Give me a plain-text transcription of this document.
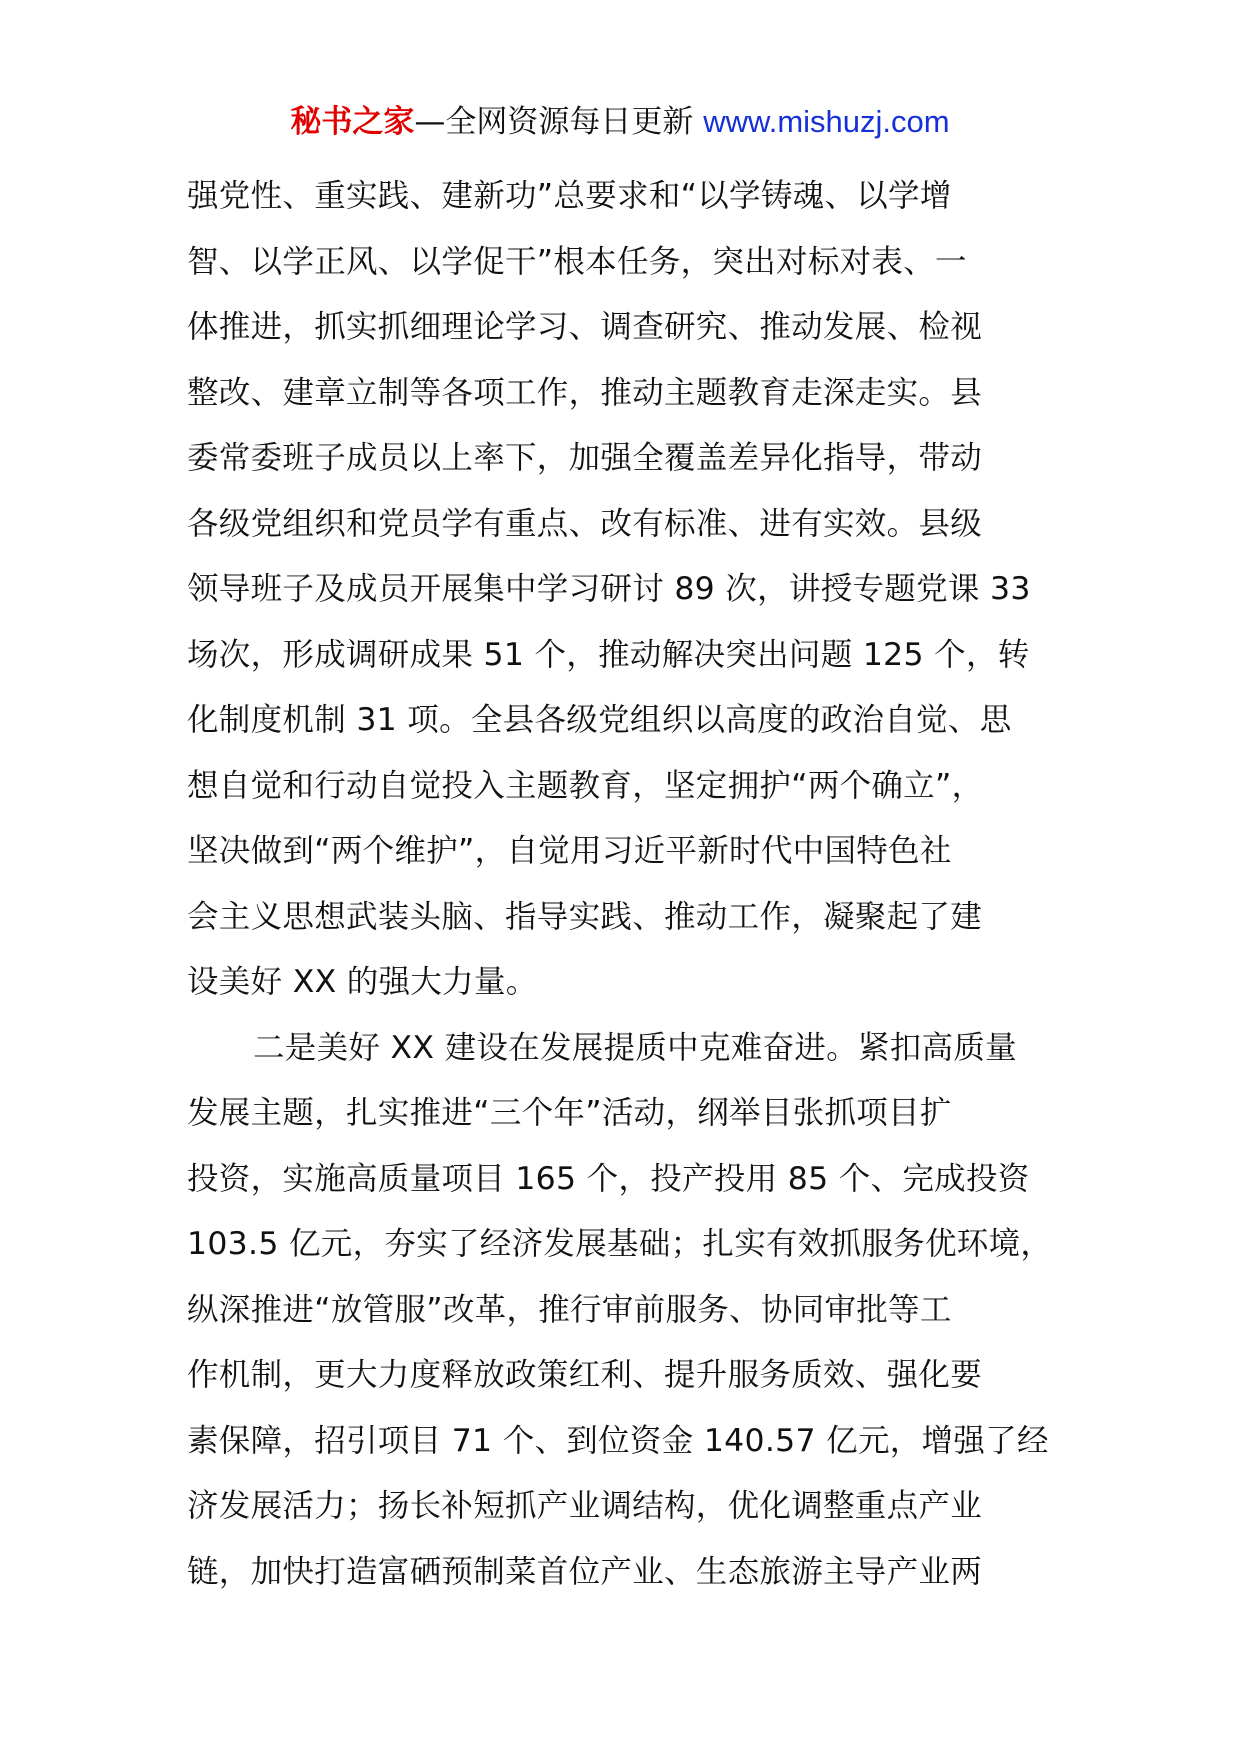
秘书之家—全网资源每日更新 www.mishuzj.com
强党性、重实践、建新功”总要求和“以学铸魂、以学增
智、以学正风、以学促干”根本任务，突出对标对表、一
体推进，抓实抓细理论学习、调查研究、推动发展、检视
整改、建章立制等各项工作，推动主题教育走深走实。县
委常委班子成员以上率下，加强全覆盖差异化指导，带动
各级党组织和党员学有重点、改有标准、进有实效。县级
领导班子及成员开展集中学习研讨 89 次，讲授专题党课 33
场次，形成调研成果 51 个，推动解决突出问题 125 个，转
化制度机制 31 项。全县各级党组织以高度的政治自觉、思
想自觉和行动自觉投入主题教育，坚定拥护“两个确立”，
坚决做到“两个维护”，自觉用习近平新时代中国特色社
会主义思想武装头脑、指导实践、推动工作，凝聚起了建
设美好 XX 的强大力量。
二是美好 XX 建设在发展提质中克难奋进。紧扣高质量
发展主题，扎实推进“三个年”活动，纲举目张抓项目扩
投资，实施高质量项目 165 个，投产投用 85 个、完成投资
103.5 亿元，夯实了经济发展基础；扎实有效抓服务优环境，
纵深推进“放管服”改革，推行审前服务、协同审批等工
作机制，更大力度释放政策红利、提升服务质效、强化要
素保障，招引项目 71 个、到位资金 140.57 亿元，增强了经
济发展活力；扬长补短抓产业调结构，优化调整重点产业
链，加快打造富硒预制菜首位产业、生态旅游主导产业两
